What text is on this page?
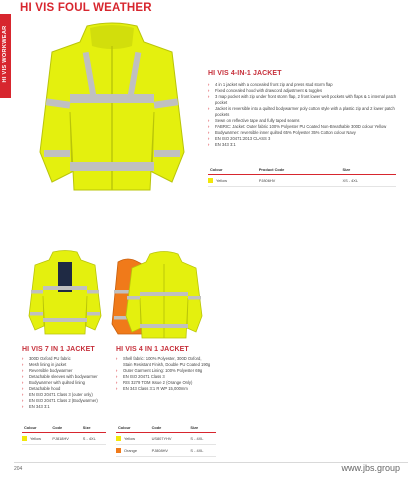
HI VIS WORKWEAR
HI VIS FOUL WEATHER
HI VIS 4-IN-1 JACKET
› 4 in 1 jacket with a concealed front zip and press stud storm flap
› Fixed concealed hood with drawcord adjustment & toggles
› 3 map pocket with zip under front storm flap, 2 front lower welt pockets with flaps & 1 internal patch pocket
› Jacket is reversible into a quilted bodywarmer poly cotton style with a plastic zip and 2 lower patch pockets
› Sewn on reflective tape and fully taped seams
› FABRIC: Jacket: Outer fabric 100% Polyester PU Coated Non-Breathable 300D colour Yellow
› Bodywarmer: reversible inner quilted 65% Polyester 35% Cotton colour Navy
› EN ISO 20471:2013 CLASS 3
› EN 343 3:1
Colour		Product Code	Size

	Yellow	PJ806HV	XS - 4XL
HI VIS 7 IN 1 JACKET
› 300D Oxford PU fabric
› Mesh lining in jacket
› Reversible bodywarmer
› Detachable sleeves with bodywarmer
› Bodywarmer with quilted lining
› Detachable hood
› EN ISO 20471 Class 3 (outer only)
› EN ISO 20471 Class 2 (Bodywarmer)
› EN 343 3:1
Colour		Code	Size

	Yellow	PJ818HV	S - 4XL
HI VIS 4 IN 1 JACKET
› Shell fabric: 100% Polyester, 300D Oxford, Stain Resistant Finish, Double PU Coated 190g
› Outer Garment Lining: 100% Polyester 69g
› EN ISO 20471 Class 3
› RIS 3279 TOM Issue 2 (Orange Only)
› EN 343 Class 3:1 R WP 15,000mm
Colour		Code	Size

	Yellow	US807YHV	S - 4XL

	Orange	PJ808HV	S - 4XL
204	www.jbs.group
